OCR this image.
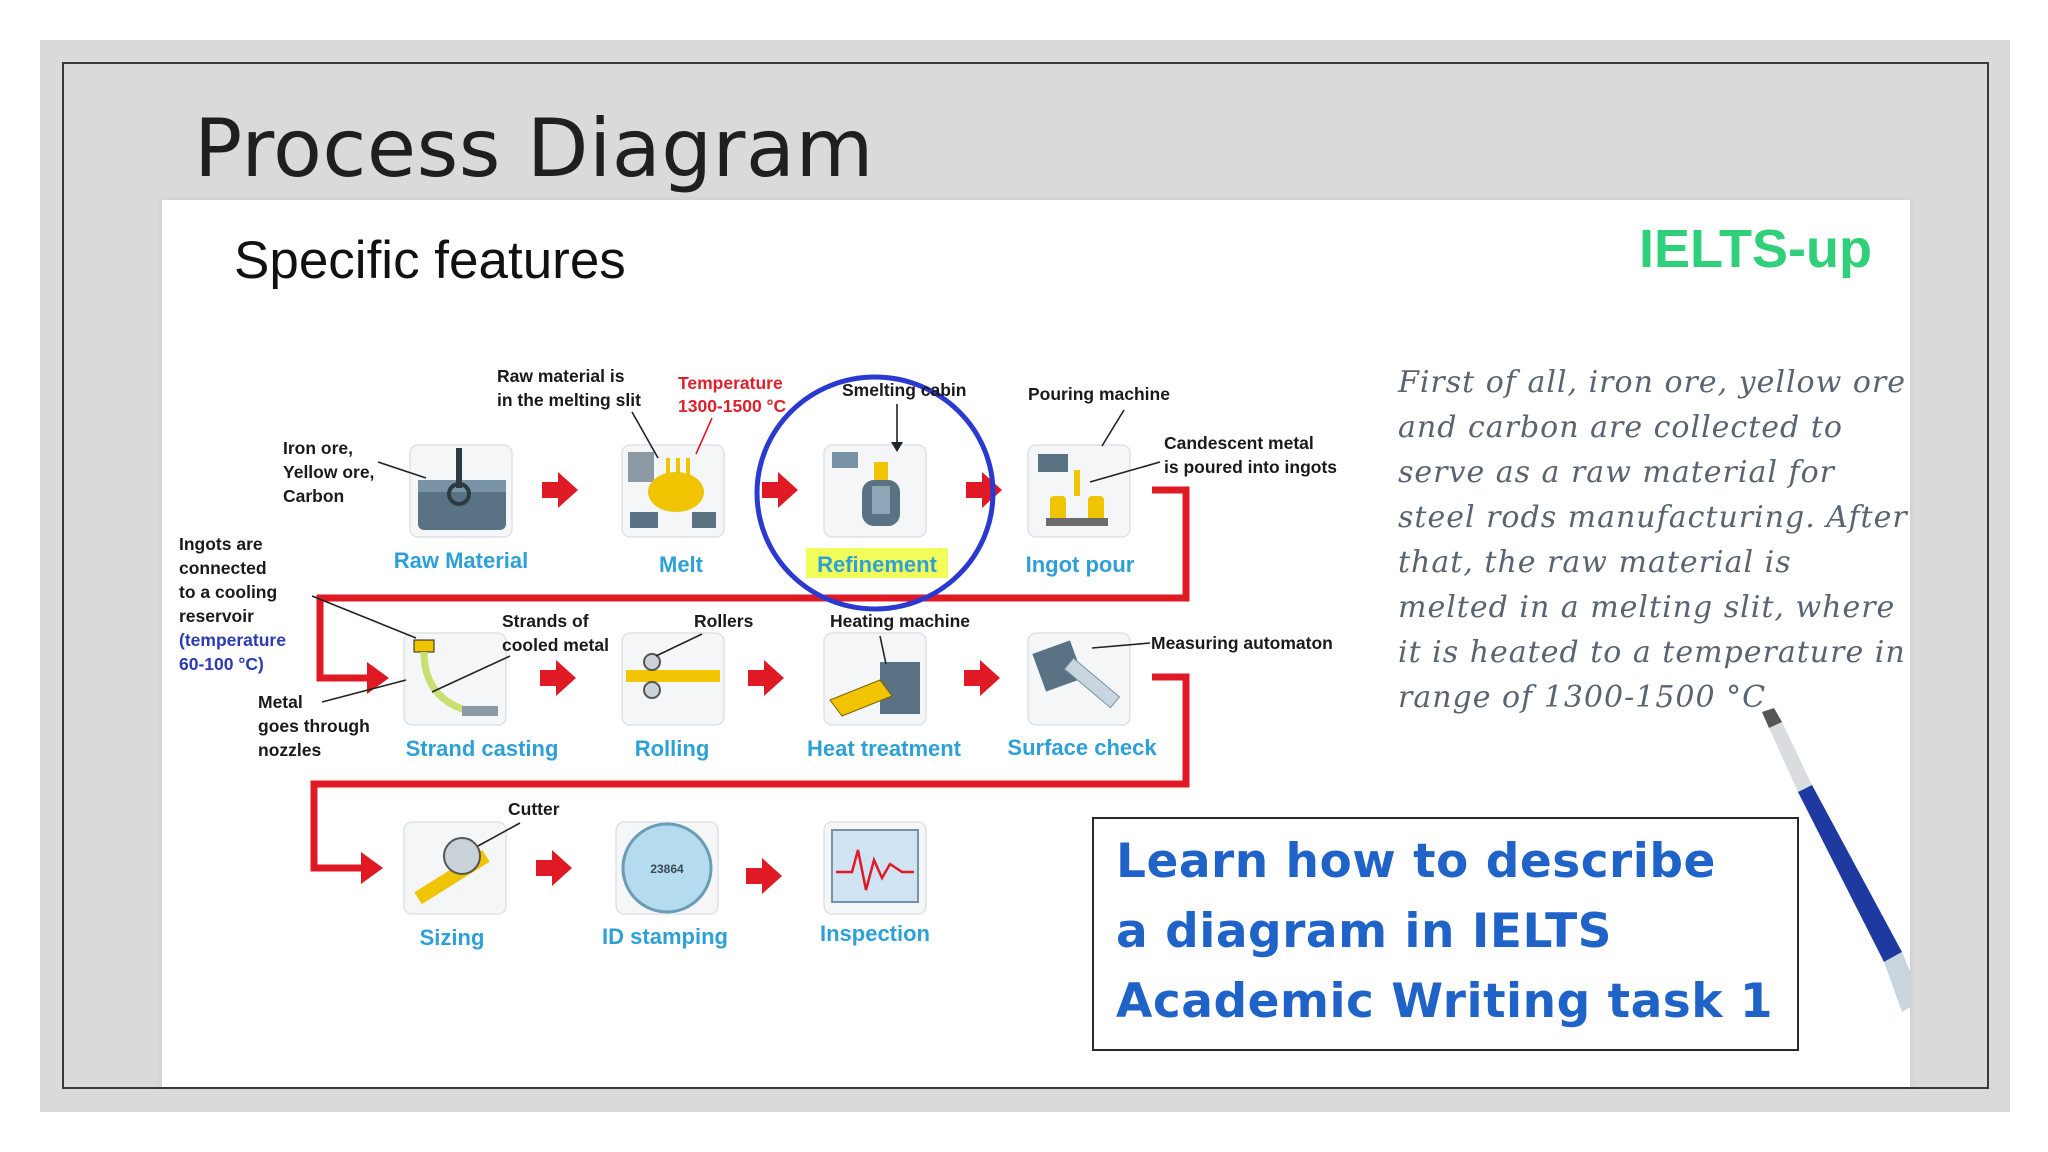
Process Diagram
Specific features	IELTS-up
Raw Material	Melt	Refinement	Ingot pour
Iron ore,
Yellow ore,
Carbon
Raw material is
in the melting slit
Temperature
1300-1500 °C
Smelting cabin	Pouring machine
Candescent metal
is poured into ingots
Strand casting	Rolling	Heat treatment Surface check
Ingots are
connected
to a cooling
reservoir
(temperature
60-100 °C)
Metal
goes through
nozzles
Strands of
cooled metal
Rollers	Heating machine
Measuring automaton
23864
Sizing	ID stamping	Inspection
Cutter
First of all, iron ore, yellow ore
and carbon are collected to
serve as a raw material for
steel rods manufacturing. After
that, the raw material is
melted in a melting slit, where
it is heated to a temperature in
range of 1300-1500 °C
Learn how to describe
a diagram in IELTS
Academic Writing task 1
